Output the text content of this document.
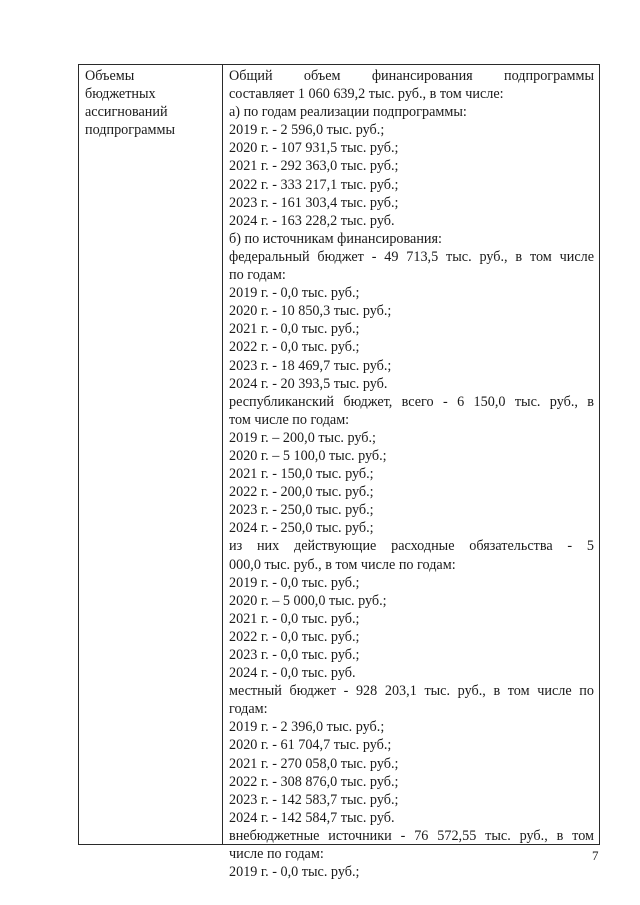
Объемы
бюджетных
ассигнований
подпрограммы
Общий объем финансирования подпрограммы
составляет 1 060 639,2 тыс. руб., в том числе:
а) по годам реализации подпрограммы:
2019 г. - 2 596,0 тыс. руб.;
2020 г. - 107 931,5 тыс. руб.;
2021 г. - 292 363,0 тыс. руб.;
2022 г. - 333 217,1 тыс. руб.;
2023 г. - 161 303,4 тыс. руб.;
2024 г. - 163 228,2 тыс. руб.
б) по источникам финансирования:
федеральный бюджет - 49 713,5 тыс. руб., в том числе
по годам:
2019 г. - 0,0 тыс. руб.;
2020 г. - 10 850,3 тыс. руб.;
2021 г. - 0,0 тыс. руб.;
2022 г. - 0,0 тыс. руб.;
2023 г. - 18 469,7 тыс. руб.;
2024 г. - 20 393,5 тыс. руб.
республиканский бюджет, всего - 6 150,0 тыс. руб., в
том числе по годам:
2019 г. – 200,0 тыс. руб.;
2020 г. – 5 100,0 тыс. руб.;
2021 г. - 150,0 тыс. руб.;
2022 г. - 200,0 тыс. руб.;
2023 г. - 250,0 тыс. руб.;
2024 г. - 250,0 тыс. руб.;
из них действующие расходные обязательства - 5
000,0 тыс. руб., в том числе по годам:
2019 г. - 0,0 тыс. руб.;
2020 г. – 5 000,0 тыс. руб.;
2021 г. - 0,0 тыс. руб.;
2022 г. - 0,0 тыс. руб.;
2023 г. - 0,0 тыс. руб.;
2024 г. - 0,0 тыс. руб.
местный бюджет - 928 203,1 тыс. руб., в том числе по
годам:
2019 г. - 2 396,0 тыс. руб.;
2020 г. - 61 704,7 тыс. руб.;
2021 г. - 270 058,0 тыс. руб.;
2022 г. - 308 876,0 тыс. руб.;
2023 г. - 142 583,7 тыс. руб.;
2024 г. - 142 584,7 тыс. руб.
внебюджетные источники - 76 572,55 тыс. руб., в том
числе по годам:
2019 г. - 0,0 тыс. руб.;
7
